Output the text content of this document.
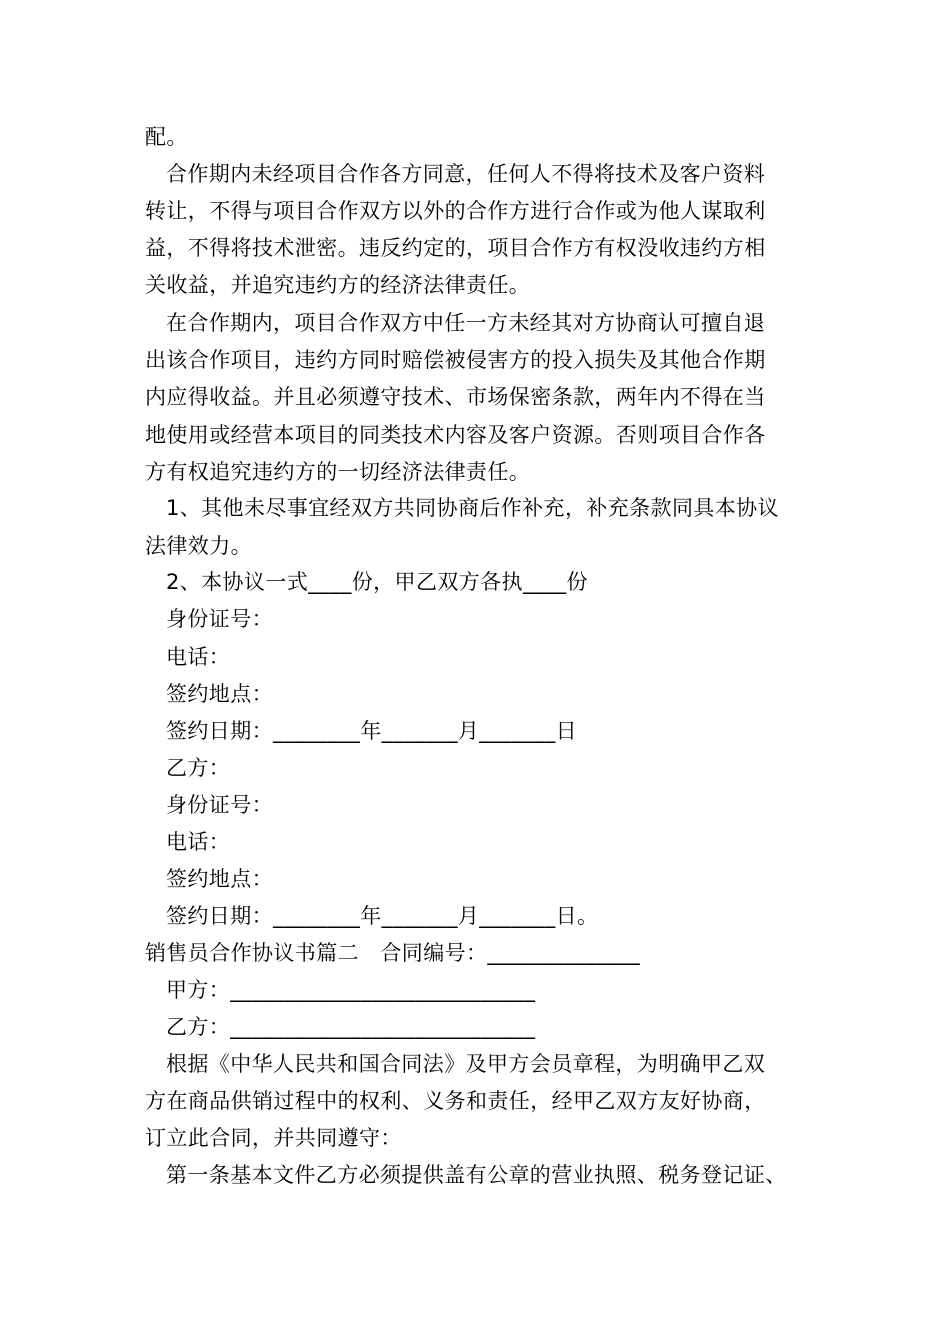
配。
合作期内未经项目合作各方同意，任何人不得将技术及客户资料
转让，不得与项目合作双方以外的合作方进行合作或为他人谋取利
益，不得将技术泄密。违反约定的，项目合作方有权没收违约方相
关收益，并追究违约方的经济法律责任。
在合作期内，项目合作双方中任一方未经其对方协商认可擅自退
出该合作项目，违约方同时赔偿被侵害方的投入损失及其他合作期
内应得收益。并且必须遵守技术、市场保密条款，两年内不得在当
地使用或经营本项目的同类技术内容及客户资源。否则项目合作各
方有权追究违约方的一切经济法律责任。
1、其他未尽事宜经双方共同协商后作补充，补充条款同具本协议
法律效力。
2、本协议一式____份，甲乙双方各执____份
身份证号：
电话：
签约地点：
签约日期：________年_______月_______日
乙方：
身份证号：
电话：
签约地点：
签约日期：________年_______月_______日。
销售员合作协议书篇二　合同编号：______________
甲方：____________________________
乙方：____________________________
根据《中华人民共和国合同法》及甲方会员章程，为明确甲乙双
方在商品供销过程中的权利、义务和责任，经甲乙双方友好协商，
订立此合同，并共同遵守：
第一条基本文件乙方必须提供盖有公章的营业执照、税务登记证、
